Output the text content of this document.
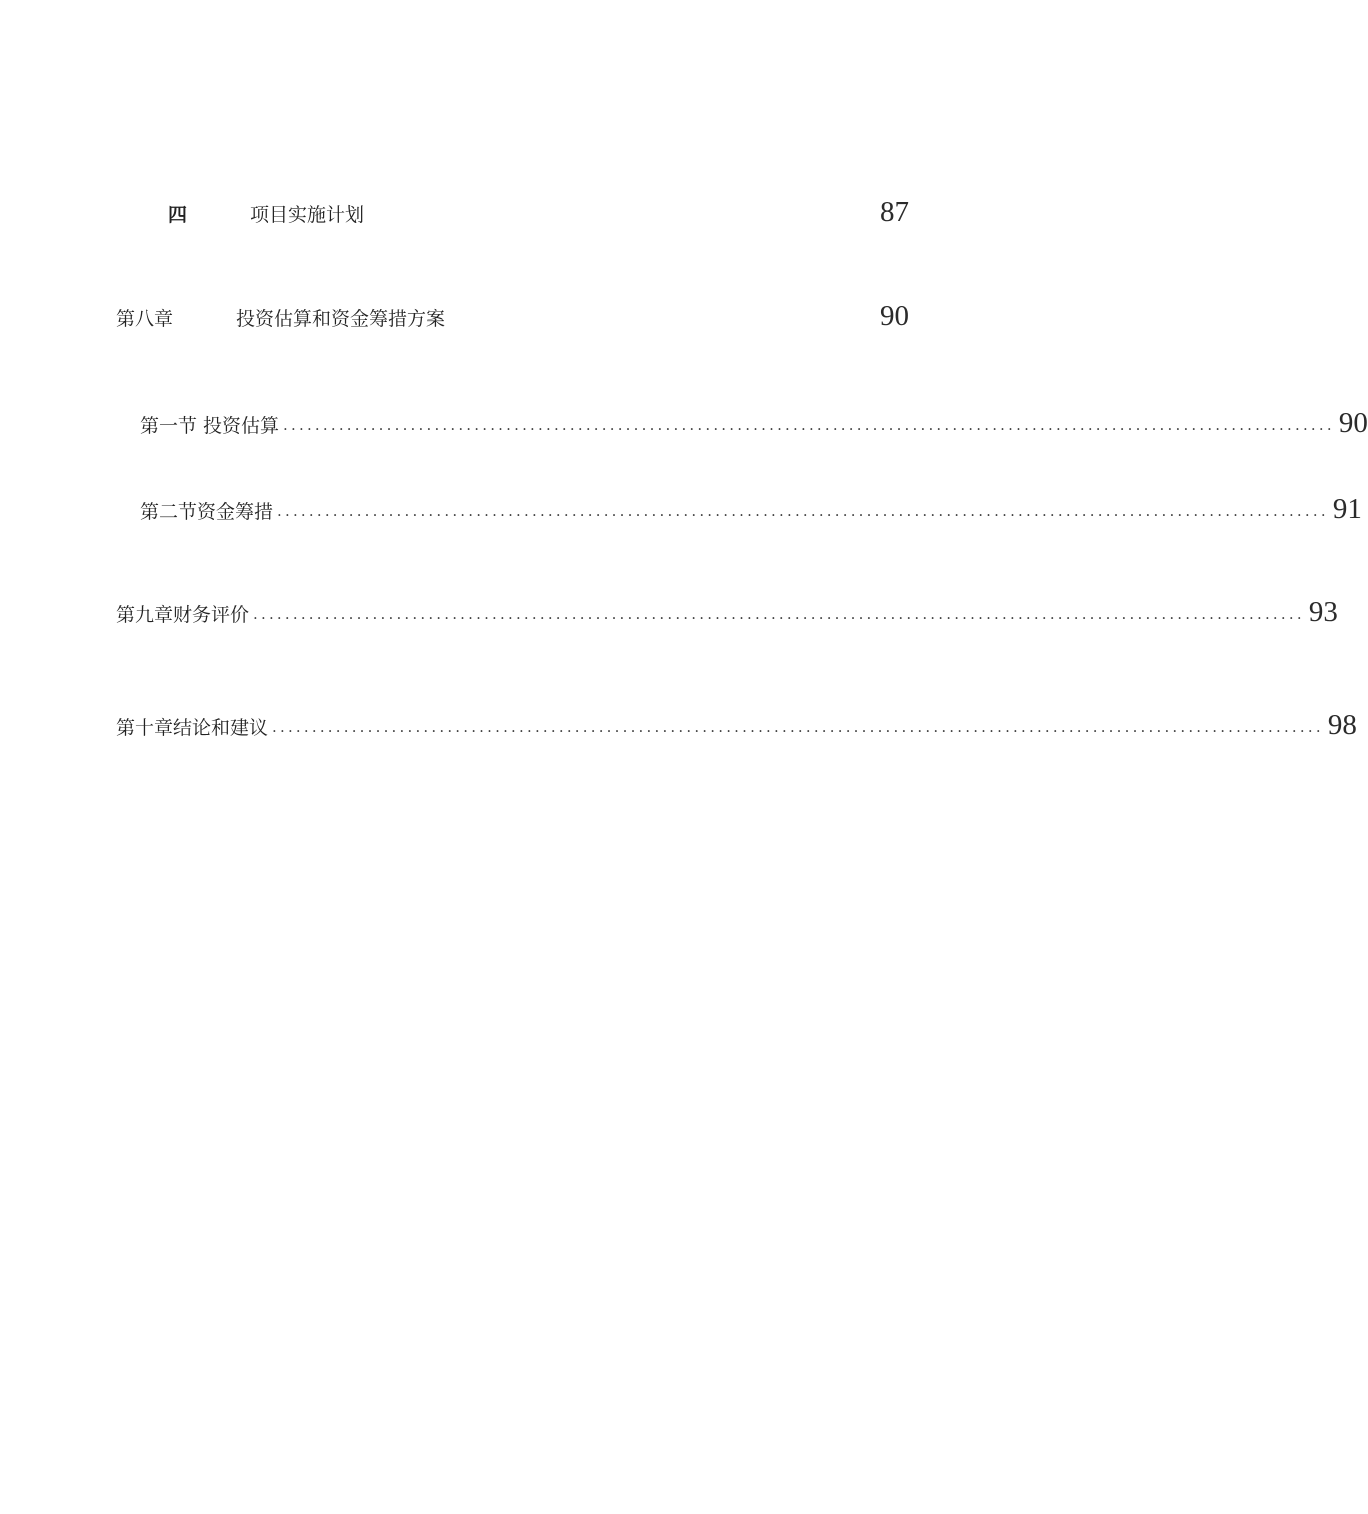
四	项目实施计划	87
第八章	投资估算和资金筹措方案	90
第一节 投资估算 .................................................................................................................................... 90
第二节资金筹措 .................................................................................................................................... 91
第九章财务评价 .................................................................................................................................... 93
第十章结论和建议 .................................................................................................................................... 98
